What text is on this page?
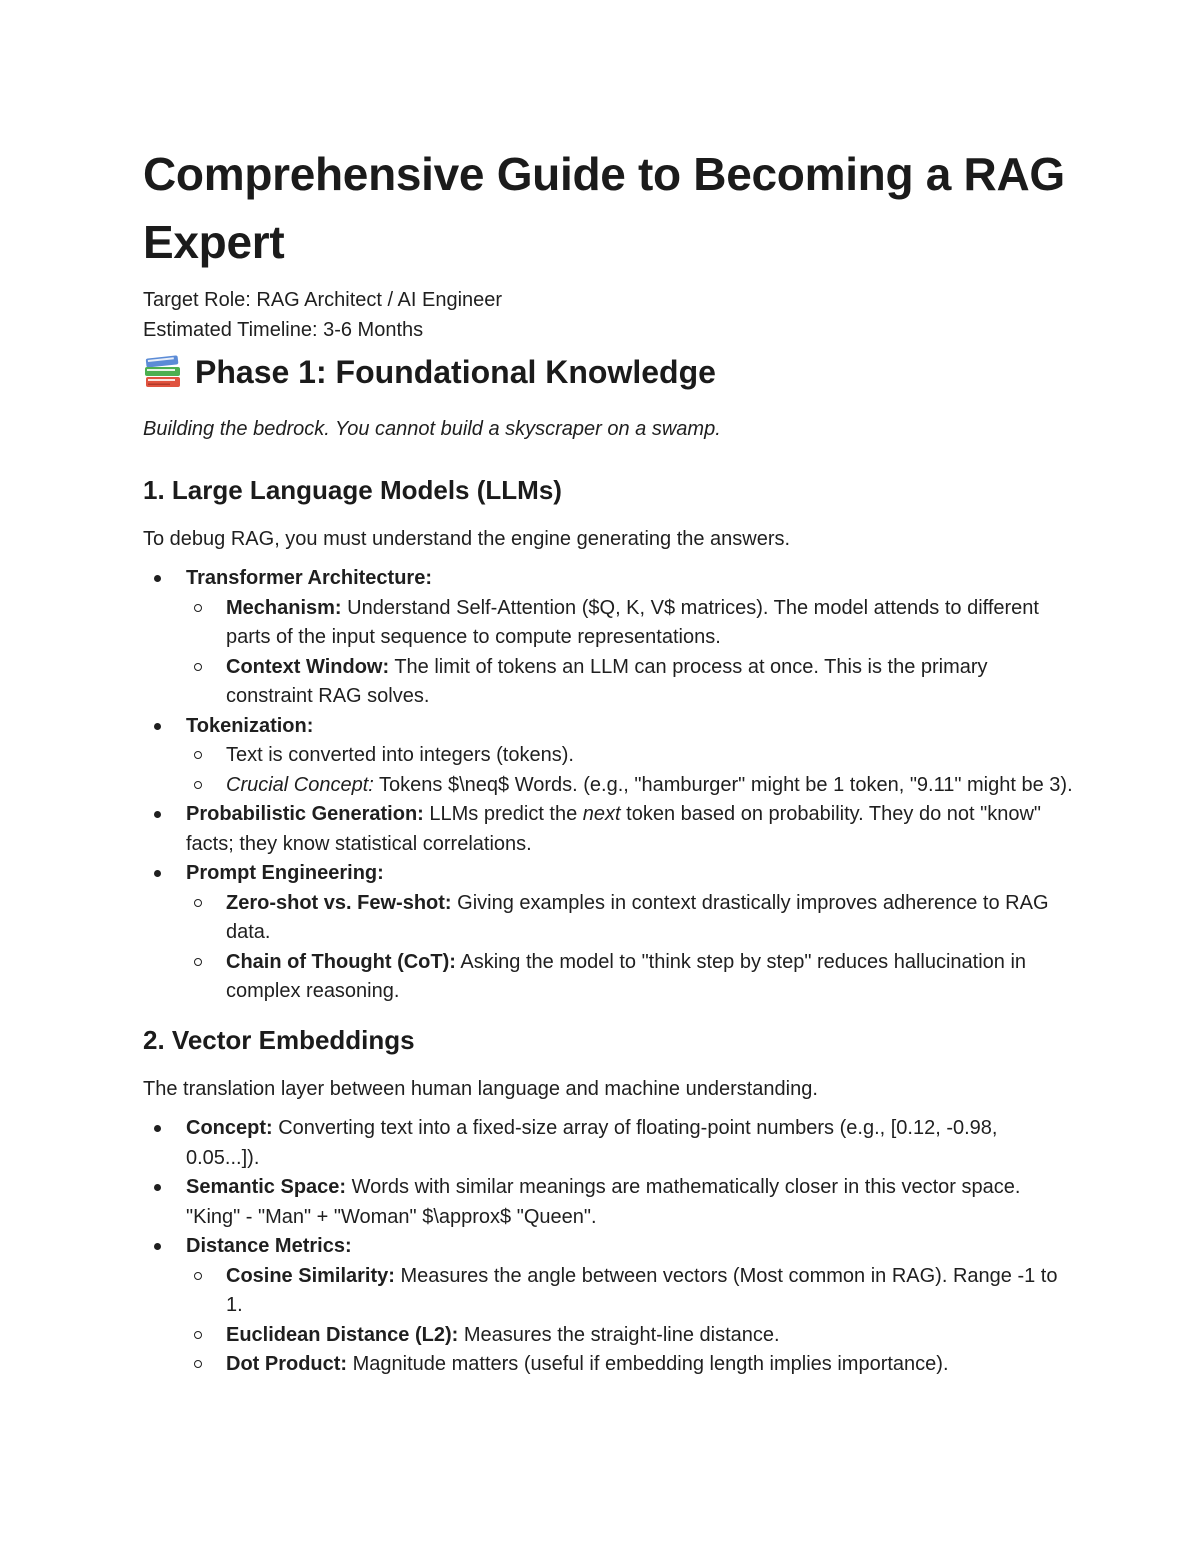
Comprehensive Guide to Becoming a RAG Expert
Target Role: RAG Architect / AI Engineer
Estimated Timeline: 3-6 Months
Phase 1: Foundational Knowledge
Building the bedrock. You cannot build a skyscraper on a swamp.
1. Large Language Models (LLMs)
To debug RAG, you must understand the engine generating the answers.
Transformer Architecture:
Mechanism: Understand Self-Attention ($Q, K, V$ matrices). The model attends to different parts of the input sequence to compute representations.
Context Window: The limit of tokens an LLM can process at once. This is the primary constraint RAG solves.
Tokenization:
Text is converted into integers (tokens).
Crucial Concept: Tokens $\neq$ Words. (e.g., "hamburger" might be 1 token, "9.11" might be 3).
Probabilistic Generation: LLMs predict the next token based on probability. They do not "know" facts; they know statistical correlations.
Prompt Engineering:
Zero-shot vs. Few-shot: Giving examples in context drastically improves adherence to RAG data.
Chain of Thought (CoT): Asking the model to "think step by step" reduces hallucination in complex reasoning.
2. Vector Embeddings
The translation layer between human language and machine understanding.
Concept: Converting text into a fixed-size array of floating-point numbers (e.g., [0.12, -0.98, 0.05...]).
Semantic Space: Words with similar meanings are mathematically closer in this vector space. "King" - "Man" + "Woman" $\approx$ "Queen".
Distance Metrics:
Cosine Similarity: Measures the angle between vectors (Most common in RAG). Range -1 to 1.
Euclidean Distance (L2): Measures the straight-line distance.
Dot Product: Magnitude matters (useful if embedding length implies importance).
